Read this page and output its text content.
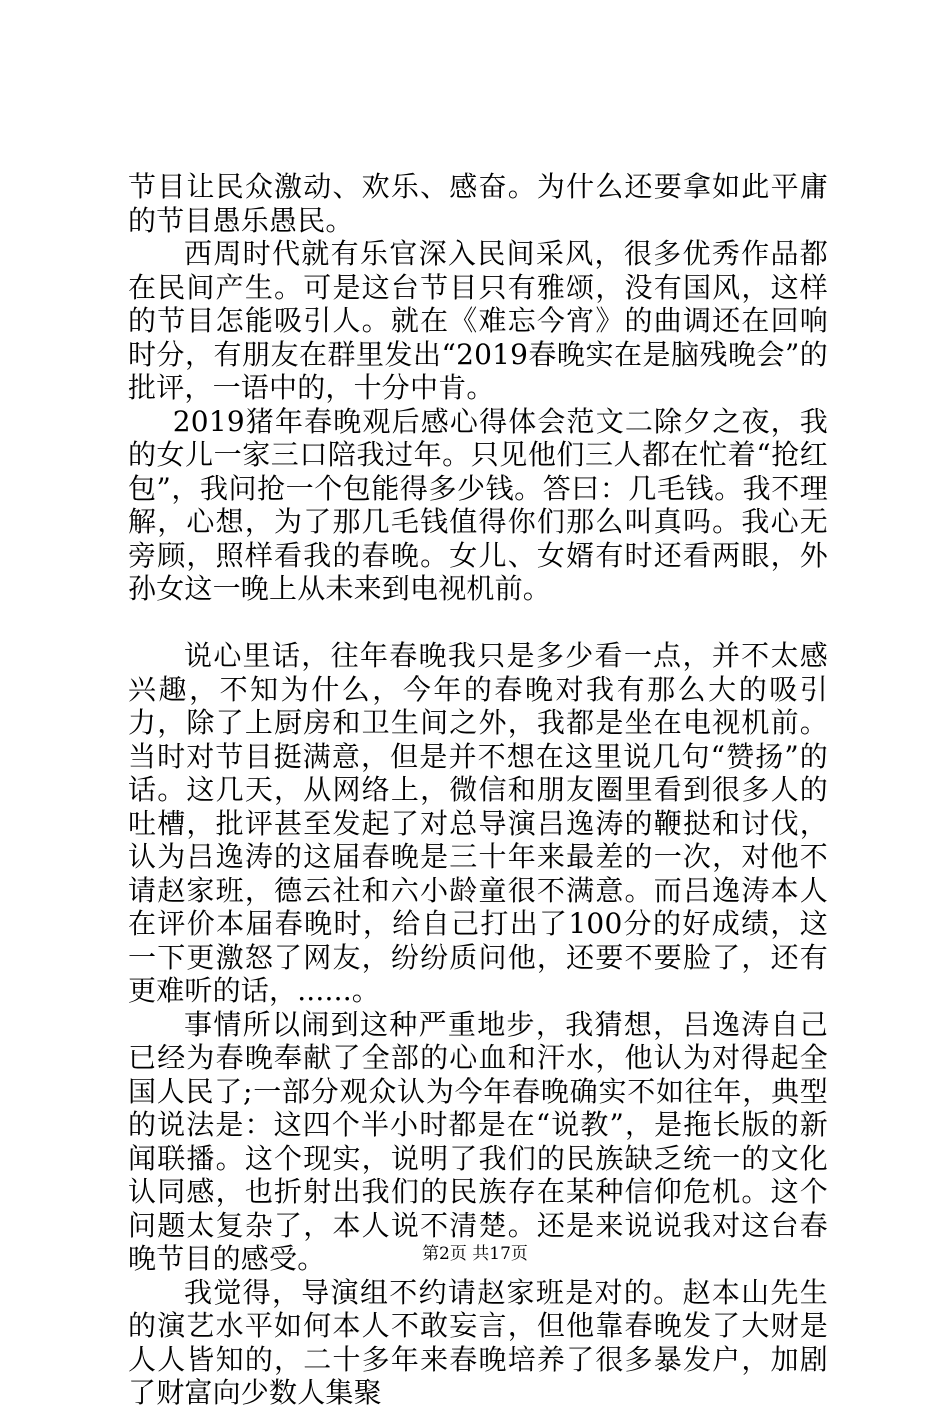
节目让民众激动、欢乐、感奋。为什么还要拿如此平庸的节目愚乐愚民。

西周时代就有乐官深入民间采风，很多优秀作品都在民间产生。可是这台节目只有雅颂，没有国风，这样的节目怎能吸引人。就在《难忘今宵》的曲调还在回响时分，有朋友在群里发出“2019春晚实在是脑残晚会”的批评，一语中的，十分中肯。

2019猪年春晚观后感心得体会范文二除夕之夜，我的女儿一家三口陪我过年。只见他们三人都在忙着“抢红包”，我问抢一个包能得多少钱。答曰：几毛钱。我不理解，心想，为了那几毛钱值得你们那么叫真吗。我心无旁顾，照样看我的春晚。女儿、女婿有时还看两眼，外孙女这一晚上从未来到电视机前。

说心里话，往年春晚我只是多少看一点，并不太感兴趣，不知为什么，今年的春晚对我有那么大的吸引力，除了上厨房和卫生间之外，我都是坐在电视机前。当时对节目挺满意，但是并不想在这里说几句“赞扬”的话。这几天，从网络上，微信和朋友圈里看到很多人的吐槽，批评甚至发起了对总导演吕逸涛的鞭挞和讨伐，认为吕逸涛的这届春晚是三十年来最差的一次，对他不请赵家班，德云社和六小龄童很不满意。而吕逸涛本人在评价本届春晚时，给自己打出了100分的好成绩，这一下更激怒了网友，纷纷质问他，还要不要脸了，还有更难听的话，......。

事情所以闹到这种严重地步，我猜想，吕逸涛自己已经为春晚奉献了全部的心血和汗水，他认为对得起全国人民了;一部分观众认为今年春晚确实不如往年，典型的说法是：这四个半小时都是在“说教”，是拖长版的新闻联播。这个现实，说明了我们的民族缺乏统一的文化认同感，也折射出我们的民族存在某种信仰危机。这个问题太复杂了，本人说不清楚。还是来说说我对这台春晚节目的感受。

我觉得，导演组不约请赵家班是对的。赵本山先生的演艺水平如何本人不敢妄言，但他靠春晚发了大财是人人皆知的，二十多年来春晚培养了很多暴发户，加剧了财富向少数人集聚

第2页 共17页
